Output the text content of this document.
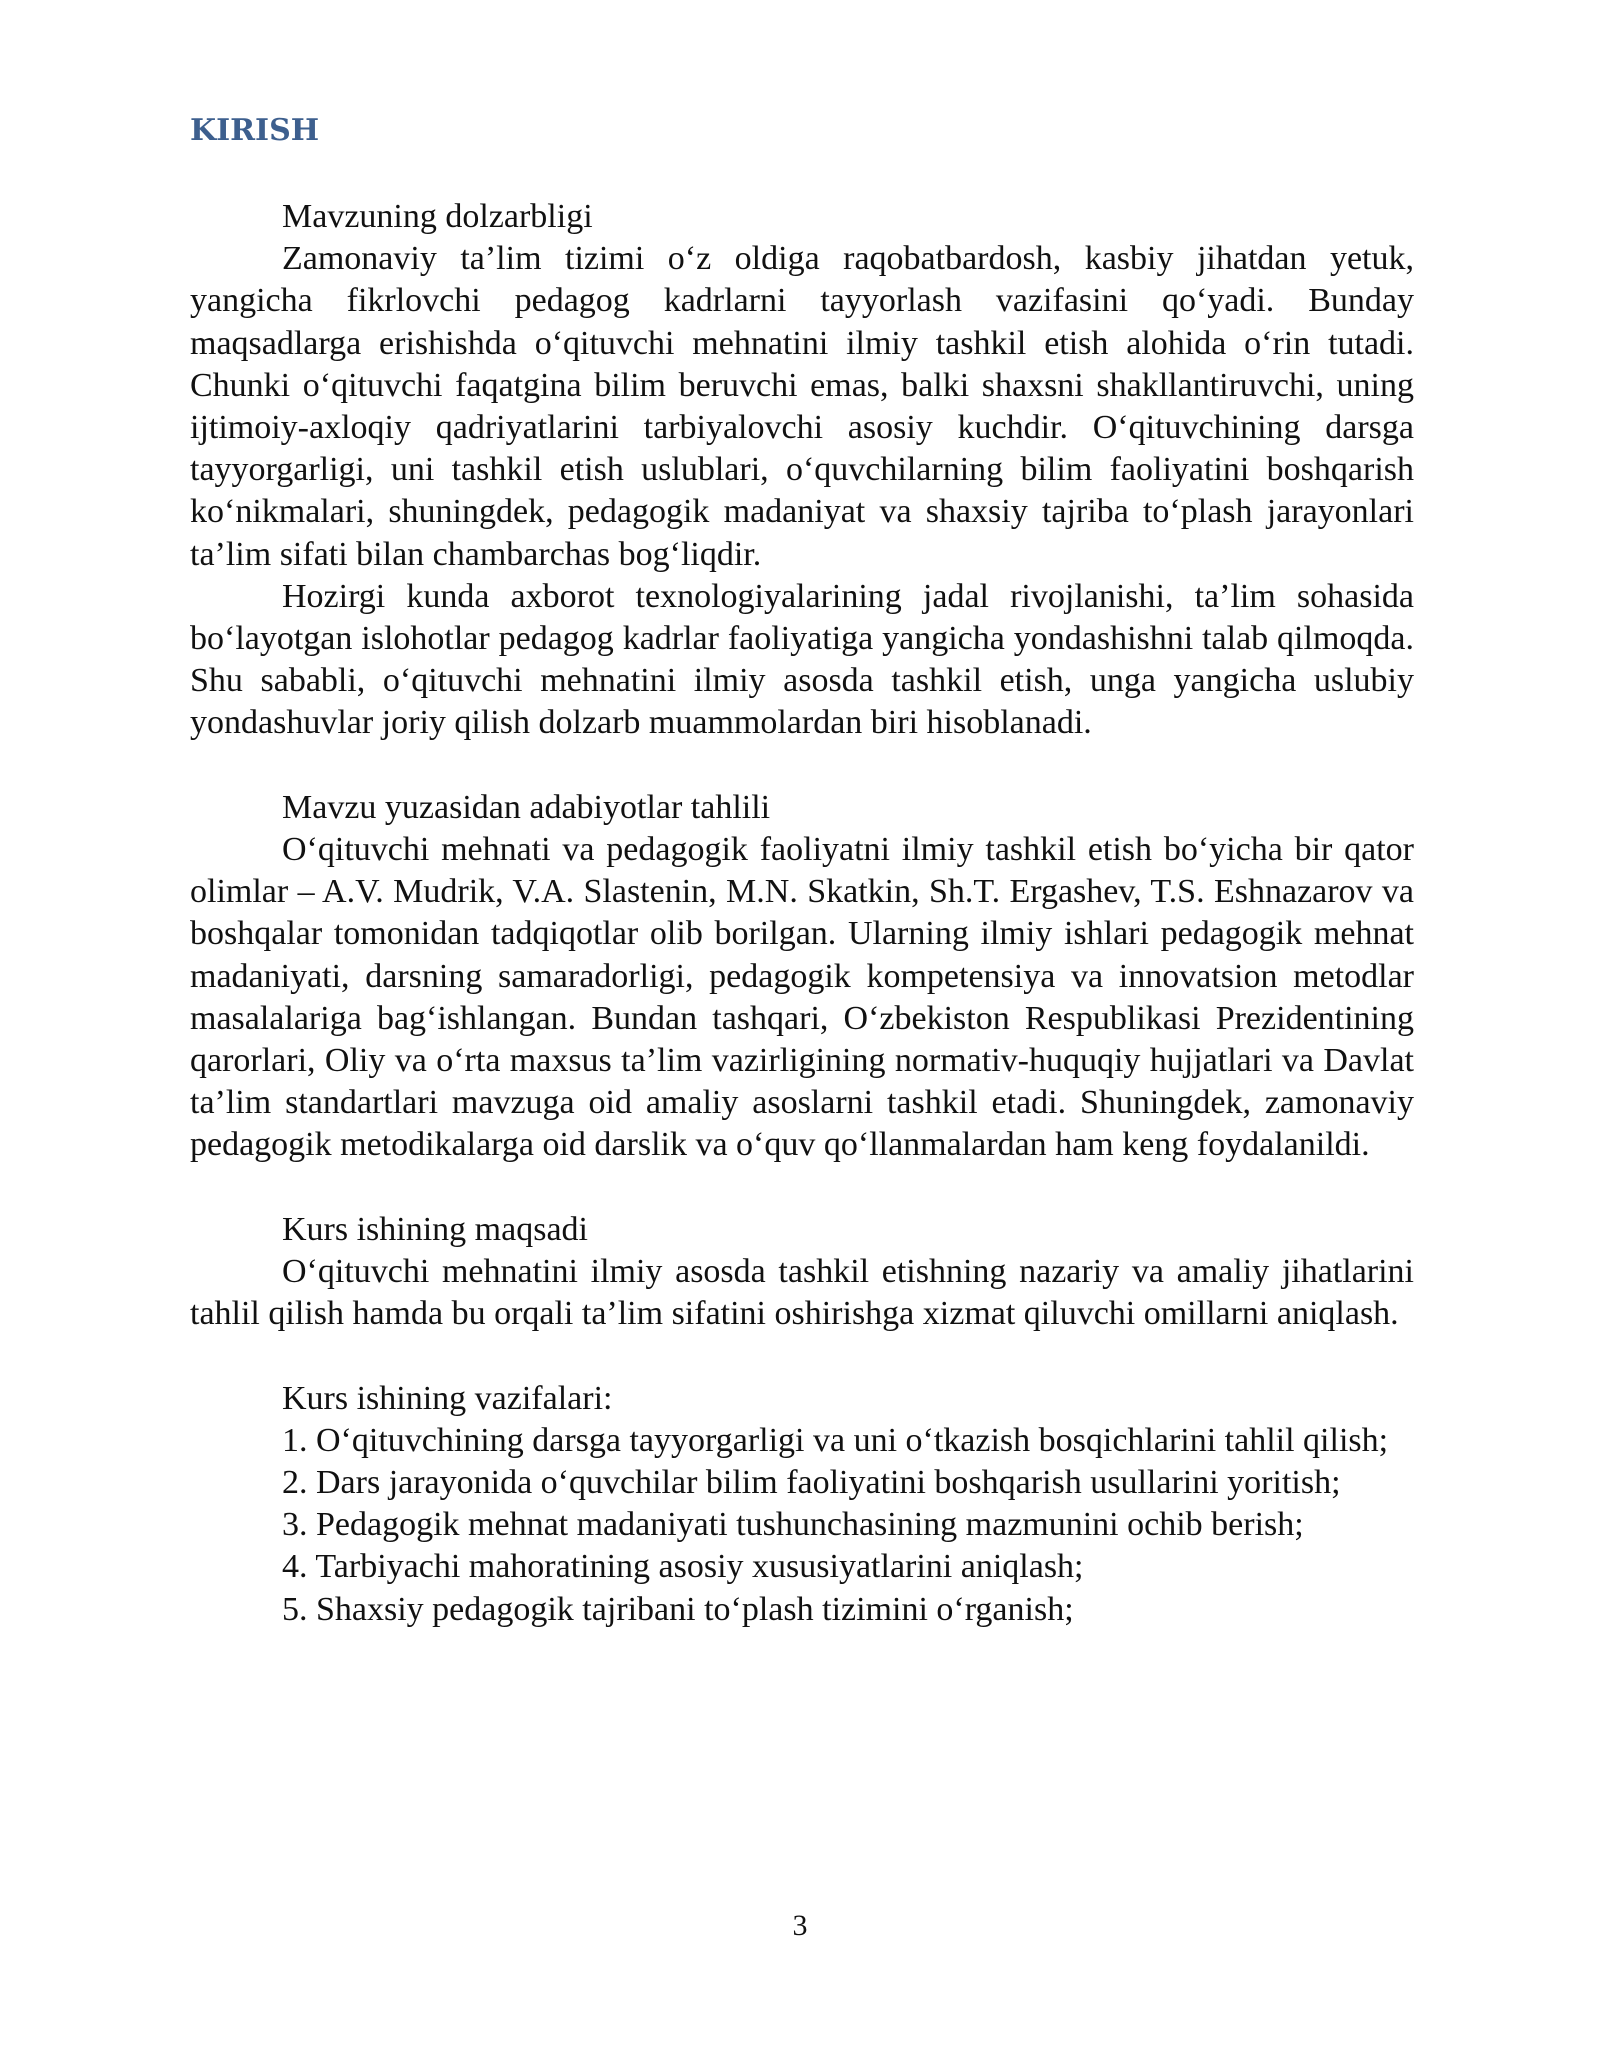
KIRISH

Mavzuning dolzarbligi

Zamonaviy ta’lim tizimi o‘z oldiga raqobatbardosh, kasbiy jihatdan yetuk, yangicha fikrlovchi pedagog kadrlarni tayyorlash vazifasini qo‘yadi. Bunday maqsadlarga erishishda o‘qituvchi mehnatini ilmiy tashkil etish alohida o‘rin tutadi. Chunki o‘qituvchi faqatgina bilim beruvchi emas, balki shaxsni shakllantiruvchi, uning ijtimoiy-axloqiy qadriyatlarini tarbiyalovchi asosiy kuchdir. O‘qituvchining darsga tayyorgarligi, uni tashkil etish uslublari, o‘quvchilarning bilim faoliyatini boshqarish ko‘nikmalari, shuningdek, pedagogik madaniyat va shaxsiy tajriba to‘plash jarayonlari ta’lim sifati bilan chambarchas bog‘liqdir.

Hozirgi kunda axborot texnologiyalarining jadal rivojlanishi, ta’lim sohasida bo‘layotgan islohotlar pedagog kadrlar faoliyatiga yangicha yondashishni talab qilmoqda. Shu sababli, o‘qituvchi mehnatini ilmiy asosda tashkil etish, unga yangicha uslubiy yondashuvlar joriy qilish dolzarb muammolardan biri hisoblanadi.

Mavzu yuzasidan adabiyotlar tahlili

O‘qituvchi mehnati va pedagogik faoliyatni ilmiy tashkil etish bo‘yicha bir qator olimlar – A.V. Mudrik, V.A. Slastenin, M.N. Skatkin, Sh.T. Ergashev, T.S. Eshnazarov va boshqalar tomonidan tadqiqotlar olib borilgan. Ularning ilmiy ishlari pedagogik mehnat madaniyati, darsning samaradorligi, pedagogik kompetensiya va innovatsion metodlar masalalariga bag‘ishlangan. Bundan tashqari, O‘zbekiston Respublikasi Prezidentining qarorlari, Oliy va o‘rta maxsus ta’lim vazirligining normativ-huquqiy hujjatlari va Davlat ta’lim standartlari mavzuga oid amaliy asoslarni tashkil etadi. Shuningdek, zamonaviy pedagogik metodikalarga oid darslik va o‘quv qo‘llanmalardan ham keng foydalanildi.

Kurs ishining maqsadi

O‘qituvchi mehnatini ilmiy asosda tashkil etishning nazariy va amaliy jihatlarini tahlil qilish hamda bu orqali ta’lim sifatini oshirishga xizmat qiluvchi omillarni aniqlash.

Kurs ishining vazifalari:

1. O‘qituvchining darsga tayyorgarligi va uni o‘tkazish bosqichlarini tahlil qilish;

2. Dars jarayonida o‘quvchilar bilim faoliyatini boshqarish usullarini yoritish;

3. Pedagogik mehnat madaniyati tushunchasining mazmunini ochib berish;

4. Tarbiyachi mahoratining asosiy xususiyatlarini aniqlash;

5. Shaxsiy pedagogik tajribani to‘plash tizimini o‘rganish;

3
